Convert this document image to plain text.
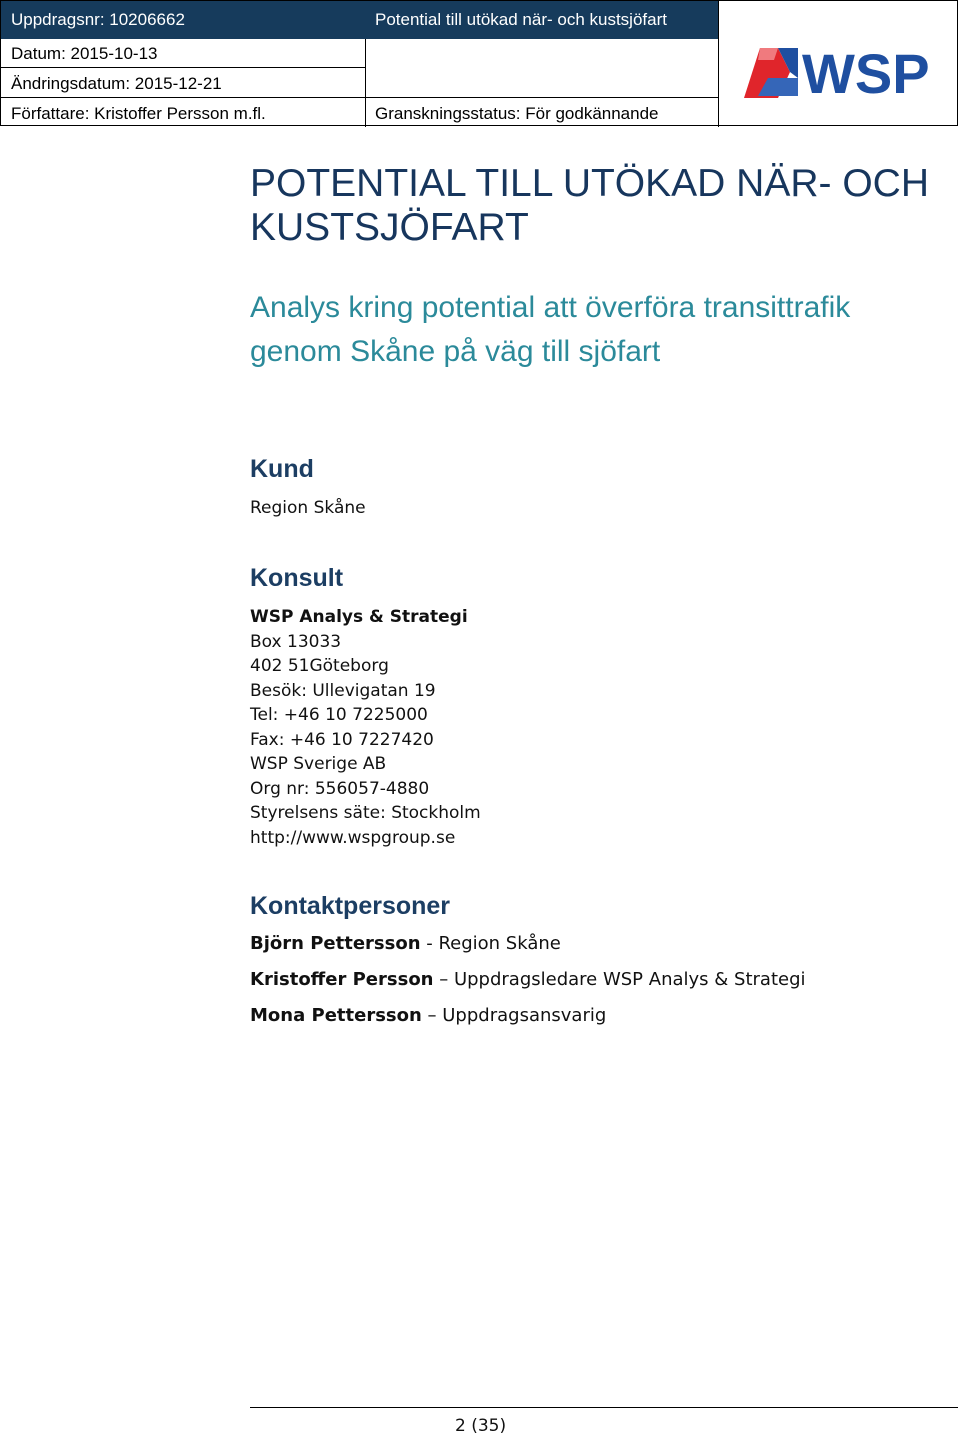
Uppdragsnr: 10206662	Potential till utökad när- och kustsjöfart
Datum: 2015-10-13
Ändringsdatum: 2015-12-21
Författare: Kristoffer Persson m.fl.	Granskningsstatus: För godkännande
WSP
POTENTIAL TILL UTÖKAD NÄR- OCH
KUSTSJÖFART
Analys kring potential att överföra transittrafik
genom Skåne på väg till sjöfart
Kund
Region Skåne
Konsult
WSP Analys & Strategi
Box 13033
402 51Göteborg
Besök: Ullevigatan 19
Tel: +46 10 7225000
Fax: +46 10 7227420
WSP Sverige AB
Org nr: 556057-4880
Styrelsens säte: Stockholm
http://www.wspgroup.se
Kontaktpersoner
Björn Pettersson - Region Skåne
Kristoffer Persson – Uppdragsledare WSP Analys & Strategi
Mona Pettersson – Uppdragsansvarig
2 (35)
